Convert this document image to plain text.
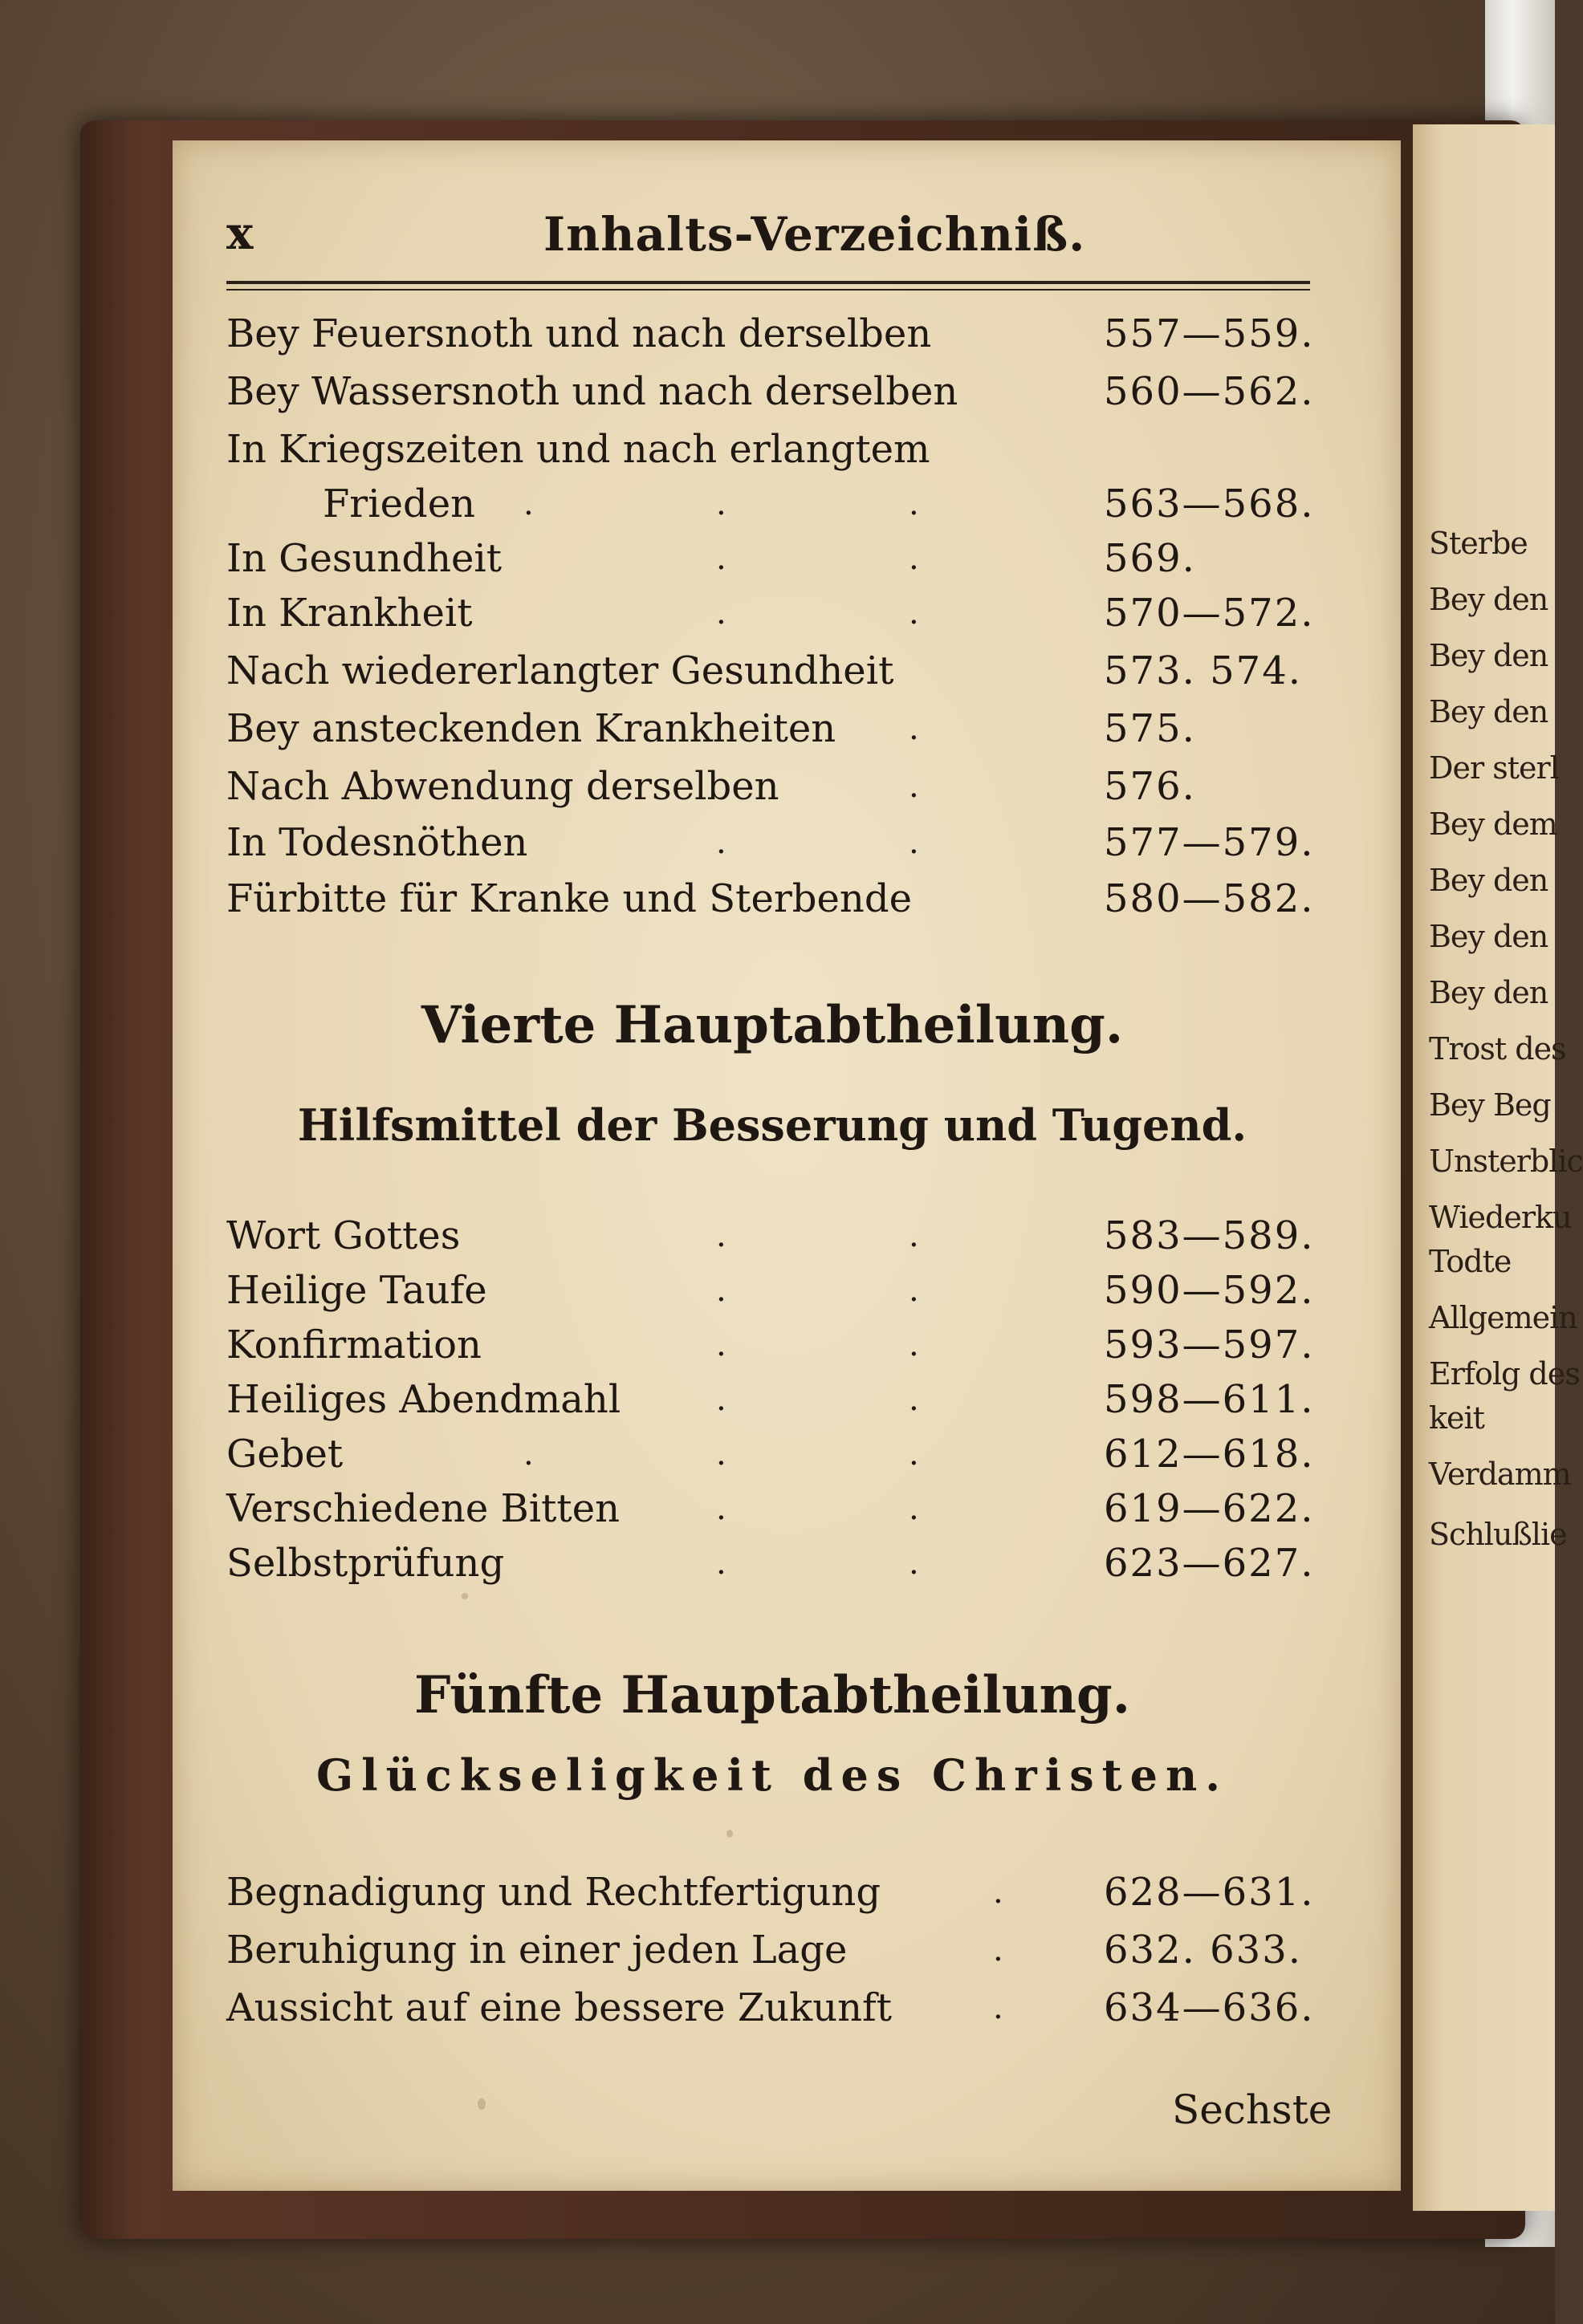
Sterbe
Bey den
Bey den
Bey den
Der sterl
Bey dem
Bey den
Bey den
Bey den
Trost des
Bey Beg
Unsterblic
Wiederku
Todte
Allgemein
Erfolg des
keit
Verdamm
Schlußlie
x	Inhalts-Verzeichniß.
Bey Feuersnoth und nach derselben	557—559.
Bey Wassersnoth und nach derselben	560—562.
In Kriegszeiten und nach erlangtem
Frieden .	.	.	563—568.
In Gesundheit	.	.	569.
In Krankheit	.	.	570—572.
Nach wiedererlangter Gesundheit	573. 574.
Bey ansteckenden Krankheiten .	575.
Nach Abwendung derselben	.	576.
In Todesnöthen	.	.	577—579.
Fürbitte für Kranke und Sterbende	580—582.
Vierte Hauptabtheilung.
Hilfsmittel der Besserung und Tugend.
Wort Gottes	.	.	583—589.
Heilige Taufe	.	.	590—592.
Konfirmation	.	.	593—597.
Heiliges Abendmahl	.	.	598—611.
Gebet	.	.	.	612—618.
Verschiedene Bitten	.	.	619—622.
Selbstprüfung	.	.	623—627.
Fünfte Hauptabtheilung.
Glückseligkeit des Christen.
Begnadigung und Rechtfertigung	.	628—631.
Beruhigung in einer jeden Lage	.	632. 633.
Aussicht auf eine bessere Zukunft	.	634—636.
Sechste
